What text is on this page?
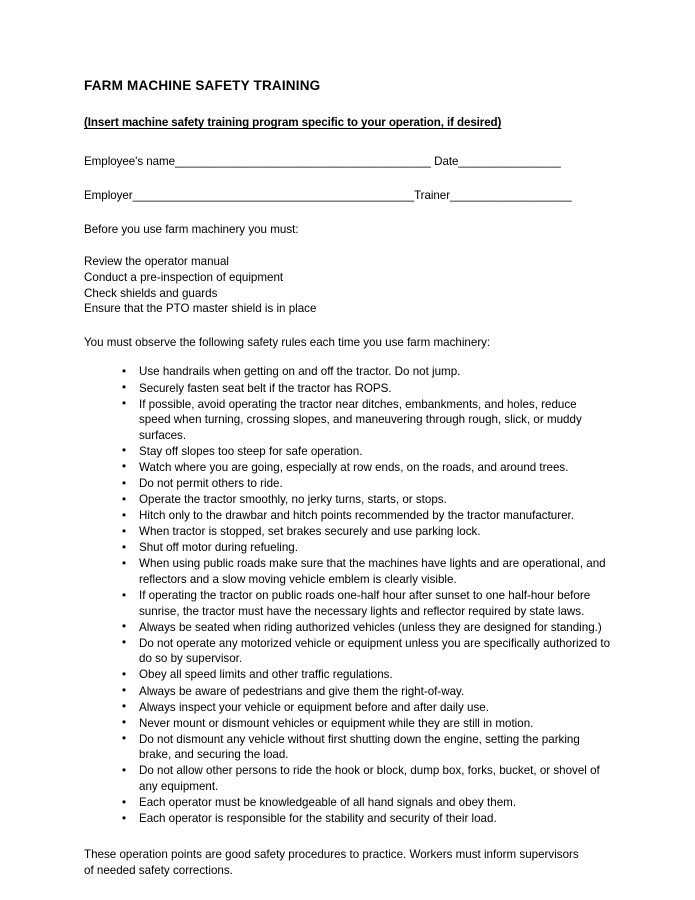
FARM MACHINE SAFETY TRAINING
(Insert machine safety training program specific to your operation, if desired)
Employee's name________________________________________ Date________________
Employer____________________________________________Trainer___________________

Before you use farm machinery you must:

Review the operator manual
Conduct a pre-inspection of equipment
Check shields and guards
Ensure that the PTO master shield is in place

You must observe the following safety rules each time you use farm machinery:

• Use handrails when getting on and off the tractor. Do not jump.
• Securely fasten seat belt if the tractor has ROPS.
• If possible, avoid operating the tractor near ditches, embankments, and holes, reduce speed when turning, crossing slopes, and maneuvering through rough, slick, or muddy surfaces.
• Stay off slopes too steep for safe operation.
• Watch where you are going, especially at row ends, on the roads, and around trees.
• Do not permit others to ride.
• Operate the tractor smoothly, no jerky turns, starts, or stops.
• Hitch only to the drawbar and hitch points recommended by the tractor manufacturer.
• When tractor is stopped, set brakes securely and use parking lock.
• Shut off motor during refueling.
• When using public roads make sure that the machines have lights and are operational, and reflectors and a slow moving vehicle emblem is clearly visible.
• If operating the tractor on public roads one-half hour after sunset to one half-hour before sunrise, the tractor must have the necessary lights and reflector required by state laws.
• Always be seated when riding authorized vehicles (unless they are designed for standing.)
• Do not operate any motorized vehicle or equipment unless you are specifically authorized to do so by supervisor.
• Obey all speed limits and other traffic regulations.
• Always be aware of pedestrians and give them the right-of-way.
• Always inspect your vehicle or equipment before and after daily use.
• Never mount or dismount vehicles or equipment while they are still in motion.
• Do not dismount any vehicle without first shutting down the engine, setting the parking brake, and securing the load.
• Do not allow other persons to ride the hook or block, dump box, forks, bucket, or shovel of any equipment.
• Each operator must be knowledgeable of all hand signals and obey them.
• Each operator is responsible for the stability and security of their load.

These operation points are good safety procedures to practice. Workers must inform supervisors of needed safety corrections.
